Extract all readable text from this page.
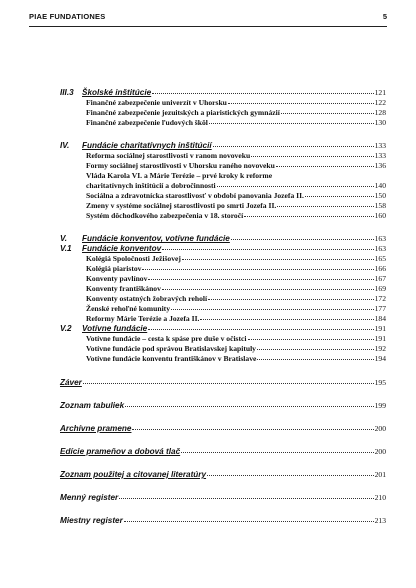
PIAE FUNDATIONES	5
III.3 Školské inštitúcie	121
Finančné zabezpečenie univerzít v Uhorsku	122
Finančné zabezpečenie jezuitských a piaristických gymnázií	128
Finančné zabezpečenie ľudových škôl	130
IV. Fundácie charitatívnych inštitúcií	133
Reforma sociálnej starostlivosti v ranom novoveku	133
Formy sociálnej starostlivosti v Uhorsku raného novoveku	136
Vláda Karola VI. a Márie Terézie – prvé kroky k reforme
charitatívnych inštitúcií a dobročinnosti	140
Sociálna a zdravotnícka starostlivosť v období panovania Jozefa II.	150
Zmeny v systéme sociálnej starostlivosti po smrti Jozefa II.	158
Systém dôchodkového zabezpečenia v 18. storočí	160
V. Fundácie konventov, votívne fundácie	163
V.1 Fundácie konventov	163
Kolégiá Spoločnosti Ježišovej	165
Kolégiá piaristov	166
Konventy pavlínov	167
Konventy františkánov	169
Konventy ostatných žobravých reholí	172
Ženské rehoľné komunity	177
Reformy Márie Terézie a Jozefa II.	184
V.2 Votívne fundácie	191
Votívne fundácie – cesta k spáse pre duše v očistci	191
Votívne fundácie pod správou Bratislavskej kapituly	192
Votívne fundácie konventu františkánov v Bratislave	194
Záver	195
Zoznam tabuliek	199
Archívne pramene	200
Edície prameňov a dobová tlač	200
Zoznam použitej a citovanej literatúry	201
Menný register	210
Miestny register	213
